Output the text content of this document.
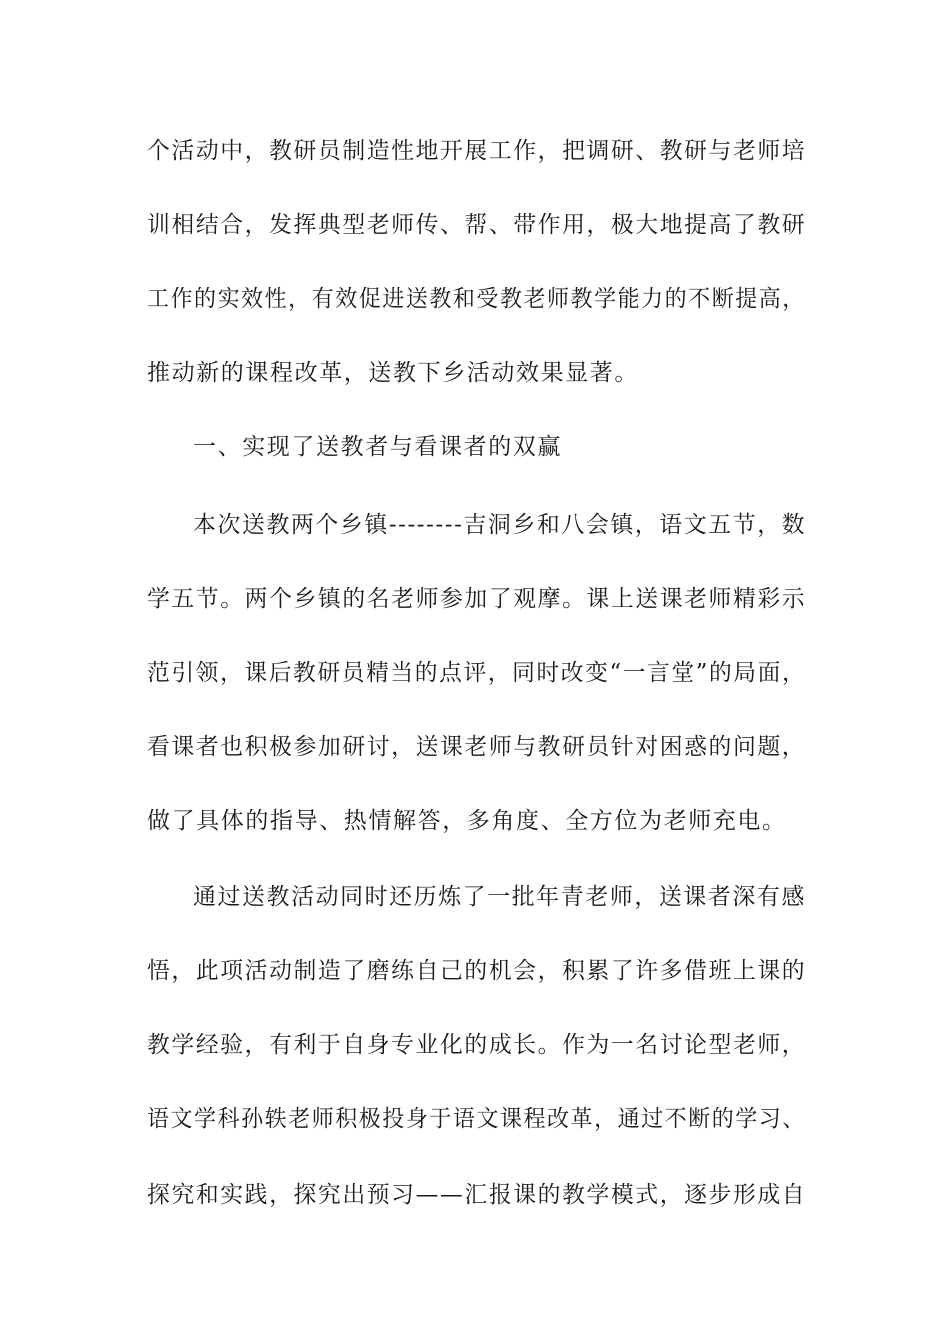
个活动中，教研员制造性地开展工作，把调研、教研与老师培

训相结合，发挥典型老师传、帮、带作用，极大地提高了教研

工作的实效性，有效促进送教和受教老师教学能力的不断提高，

推动新的课程改革，送教下乡活动效果显著。

一、实现了送教者与看课者的双赢

本次送教两个乡镇--------吉洞乡和八会镇，语文五节，数

学五节。两个乡镇的名老师参加了观摩。课上送课老师精彩示

范引领，课后教研员精当的点评，同时改变“一言堂”的局面，

看课者也积极参加研讨，送课老师与教研员针对困惑的问题，

做了具体的指导、热情解答，多角度、全方位为老师充电。

通过送教活动同时还历炼了一批年青老师，送课者深有感

悟，此项活动制造了磨练自己的机会，积累了许多借班上课的

教学经验，有利于自身专业化的成长。作为一名讨论型老师，

语文学科孙轶老师积极投身于语文课程改革，通过不断的学习、

探究和实践，探究出预习——汇报课的教学模式，逐步形成自
